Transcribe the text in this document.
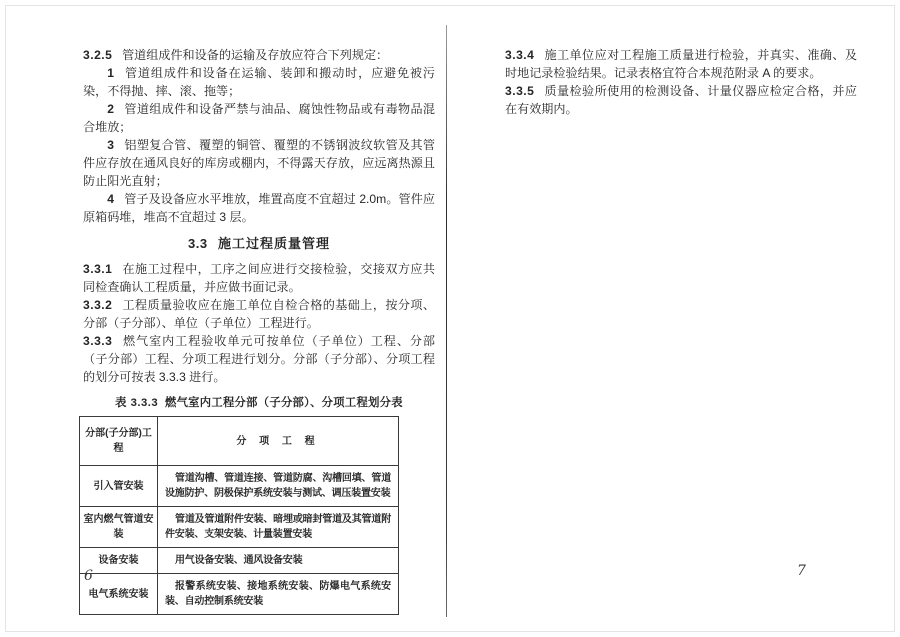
3.2.5 管道组成件和设备的运输及存放应符合下列规定：

1 管道组成件和设备在运输、装卸和搬动时，应避免被污染，不得抛、摔、滚、拖等；

2 管道组成件和设备严禁与油品、腐蚀性物品或有毒物品混合堆放；

3 铝塑复合管、覆塑的铜管、覆塑的不锈钢波纹软管及其管件应存放在通风良好的库房或棚内，不得露天存放，应远离热源且防止阳光直射；

4 管子及设备应水平堆放，堆置高度不宜超过 2.0m。管件应原箱码堆，堆高不宜超过 3 层。

3.3 施工过程质量管理

3.3.1 在施工过程中，工序之间应进行交接检验，交接双方应共同检查确认工程质量，并应做书面记录。

3.3.2 工程质量验收应在施工单位自检合格的基础上，按分项、分部（子分部）、单位（子单位）工程进行。

3.3.3 燃气室内工程验收单元可按单位（子单位）工程、分部（子分部）工程、分项工程进行划分。分部（子分部）、分项工程的划分可按表 3.3.3 进行。

表 3.3.3 燃气室内工程分部（子分部）、分项工程划分表
分部(子分部)工程	分 项 工 程
引入管安装	管道沟槽、管道连接、管道防腐、沟槽回填、管道设施防护、阴极保护系统安装与测试、调压装置安装
室内燃气管道安装	管道及管道附件安装、暗埋或暗封管道及其管道附件安装、支架安装、计量装置安装
设备安装	用气设备安装、通风设备安装
电气系统安装	报警系统安装、接地系统安装、防爆电气系统安装、自动控制系统安装

3.3.4 施工单位应对工程施工质量进行检验，并真实、准确、及时地记录检验结果。记录表格宜符合本规范附录 A 的要求。

3.3.5 质量检验所使用的检测设备、计量仪器应检定合格，并应在有效期内。

6	7
